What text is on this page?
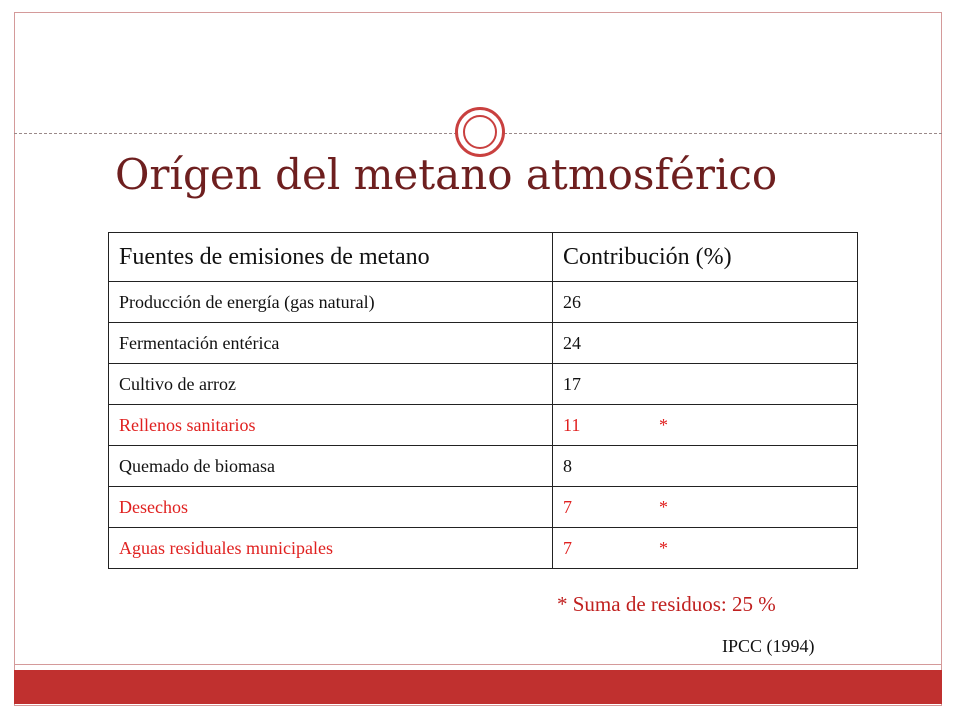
Orígen del metano atmosférico
Fuentes de emisiones de metano	Contribución (%)
Producción de energía (gas natural)	26
Fermentación entérica	24
Cultivo de arroz	17
Rellenos sanitarios	11 *
Quemado de biomasa	8
Desechos	7 *
Aguas residuales municipales	7 *
* Suma de residuos: 25 %
IPCC (1994)
